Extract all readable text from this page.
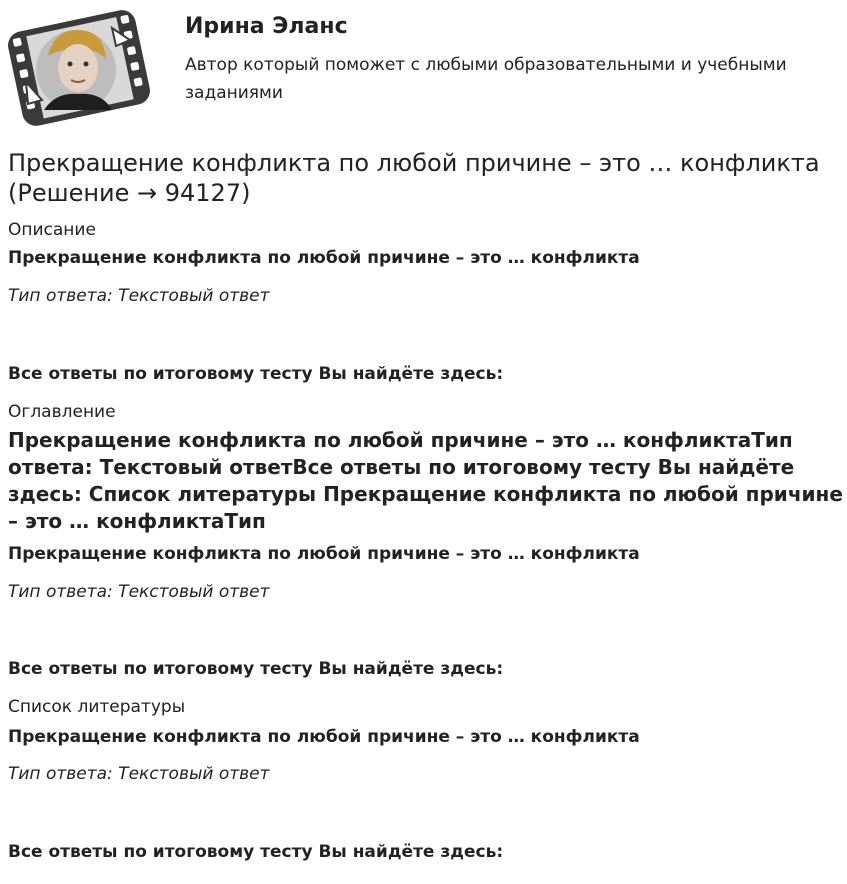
Ирина Эланс
Автор который поможет с любыми образовательными и учебными заданиями
Прекращение конфликта по любой причине – это … конфликта (Решение → 94127)
Описание
Прекращение конфликта по любой причине – это … конфликта
Тип ответа: Текстовый ответ
Все ответы по итоговому тесту Вы найдёте здесь:
Оглавление
Прекращение конфликта по любой причине – это … конфликтаТип ответа: Текстовый ответВсе ответы по итоговому тесту Вы найдёте здесь: Список литературы Прекращение конфликта по любой причине – это … конфликтаТип
Прекращение конфликта по любой причине – это … конфликта
Тип ответа: Текстовый ответ
Все ответы по итоговому тесту Вы найдёте здесь:
Список литературы
Прекращение конфликта по любой причине – это … конфликта
Тип ответа: Текстовый ответ
Все ответы по итоговому тесту Вы найдёте здесь:
